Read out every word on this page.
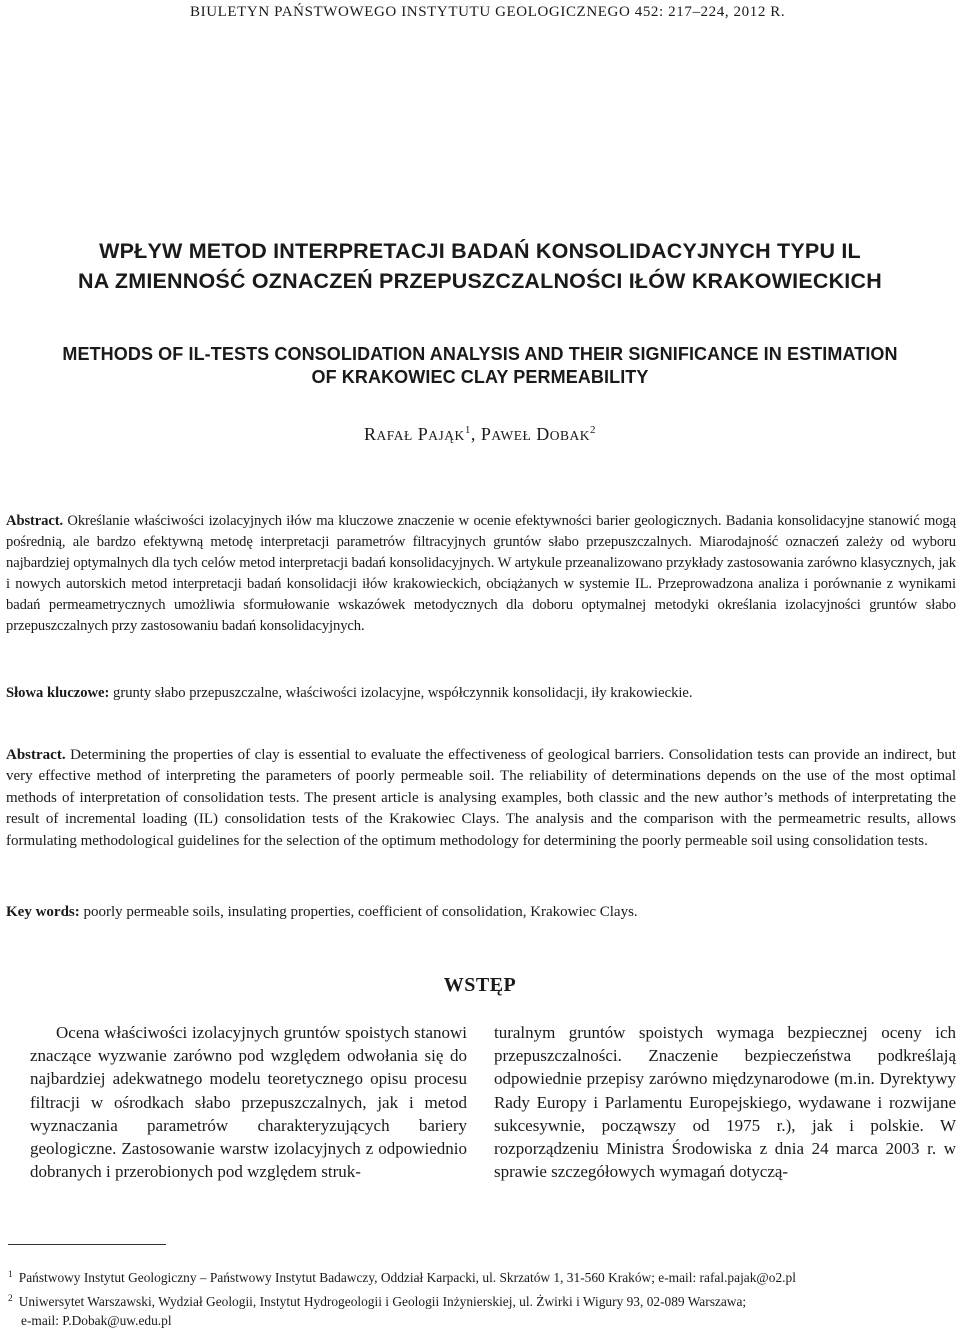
BIULETYN PAŃSTWOWEGO INSTYTUTU GEOLOGICZNEGO 452: 217–224, 2012 R.
WPŁYW METOD INTERPRETACJI BADAŃ KONSOLIDACYJNYCH TYPU IL
NA ZMIENNOŚĆ OZNACZEŃ PRZEPUSZCZALNOŚCI IŁÓW KRAKOWIECKICH
METHODS OF IL-TESTS CONSOLIDATION ANALYSIS AND THEIR SIGNIFICANCE IN ESTIMATION
OF KRAKOWIEC CLAY PERMEABILITY
RAFAŁ PAJĄK$^1$, PAWEŁ DOBAK$^2$
Abstract. Określanie właściwości izolacyjnych iłów ma kluczowe znaczenie w ocenie efektywności barier geologicznych. Badania konsolidacyjne stanowić mogą pośrednią, ale bardzo efektywną metodę interpretacji parametrów filtracyjnych gruntów słabo przepuszczalnych. Miarodajność oznaczeń zależy od wyboru najbardziej optymalnych dla tych celów metod interpretacji badań konsolidacyjnych. W artykule przeanalizowano przykłady zastosowania zarówno klasycznych, jak i nowych autorskich metod interpretacji badań konsolidacji iłów krakowieckich, obciążanych w systemie IL. Przeprowadzona analiza i porównanie z wynikami badań permeametrycznych umożliwia sformułowanie wskazówek metodycznych dla doboru optymalnej metodyki określania izolacyjności gruntów słabo przepuszczalnych przy zastosowaniu badań konsolidacyjnych.
Słowa kluczowe: grunty słabo przepuszczalne, właściwości izolacyjne, współczynnik konsolidacji, iły krakowieckie.
Abstract. Determining the properties of clay is essential to evaluate the effectiveness of geological barriers. Consolidation tests can provide an indirect, but very effective method of interpreting the parameters of poorly permeable soil. The reliability of determinations depends on the use of the most optimal methods of interpretation of consolidation tests. The present article is analysing examples, both classic and the new author’s methods of interpretating the result of incremental loading (IL) consolidation tests of the Krakowiec Clays. The analysis and the comparison with the permeametric results, allows formulating methodological guidelines for the selection of the optimum methodology for determining the poorly permeable soil using consolidation tests.
Key words: poorly permeable soils, insulating properties, coefficient of consolidation, Krakowiec Clays.
WSTĘP
Ocena właściwości izolacyjnych gruntów spoistych stanowi znaczące wyzwanie zarówno pod względem odwołania się do najbardziej adekwatnego modelu teoretycznego opisu procesu filtracji w ośrodkach słabo przepuszczalnych, jak i metod wyznaczania parametrów charakteryzujących bariery geologiczne. Zastosowanie warstw izolacyjnych z odpowiednio dobranych i przerobionych pod względem struk-
turalnym gruntów spoistych wymaga bezpiecznej oceny ich przepuszczalności. Znaczenie bezpieczeństwa podkreślają odpowiednie przepisy zarówno międzynarodowe (m.in. Dyrektywy Rady Europy i Parlamentu Europejskiego, wydawane i rozwijane sukcesywnie, począwszy od 1975 r.), jak i polskie. W rozporządzeniu Ministra Środowiska z dnia 24 marca 2003 r. w sprawie szczegółowych wymagań dotyczą-
$^1$ Państwowy Instytut Geologiczny – Państwowy Instytut Badawczy, Oddział Karpacki, ul. Skrzatów 1, 31-560 Kraków; e-mail: rafal.pajak@o2.pl
$^2$ Uniwersytet Warszawski, Wydział Geologii, Instytut Hydrogeologii i Geologii Inżynierskiej, ul. Żwirki i Wigury 93, 02-089 Warszawa;
e-mail: P.Dobak@uw.edu.pl
